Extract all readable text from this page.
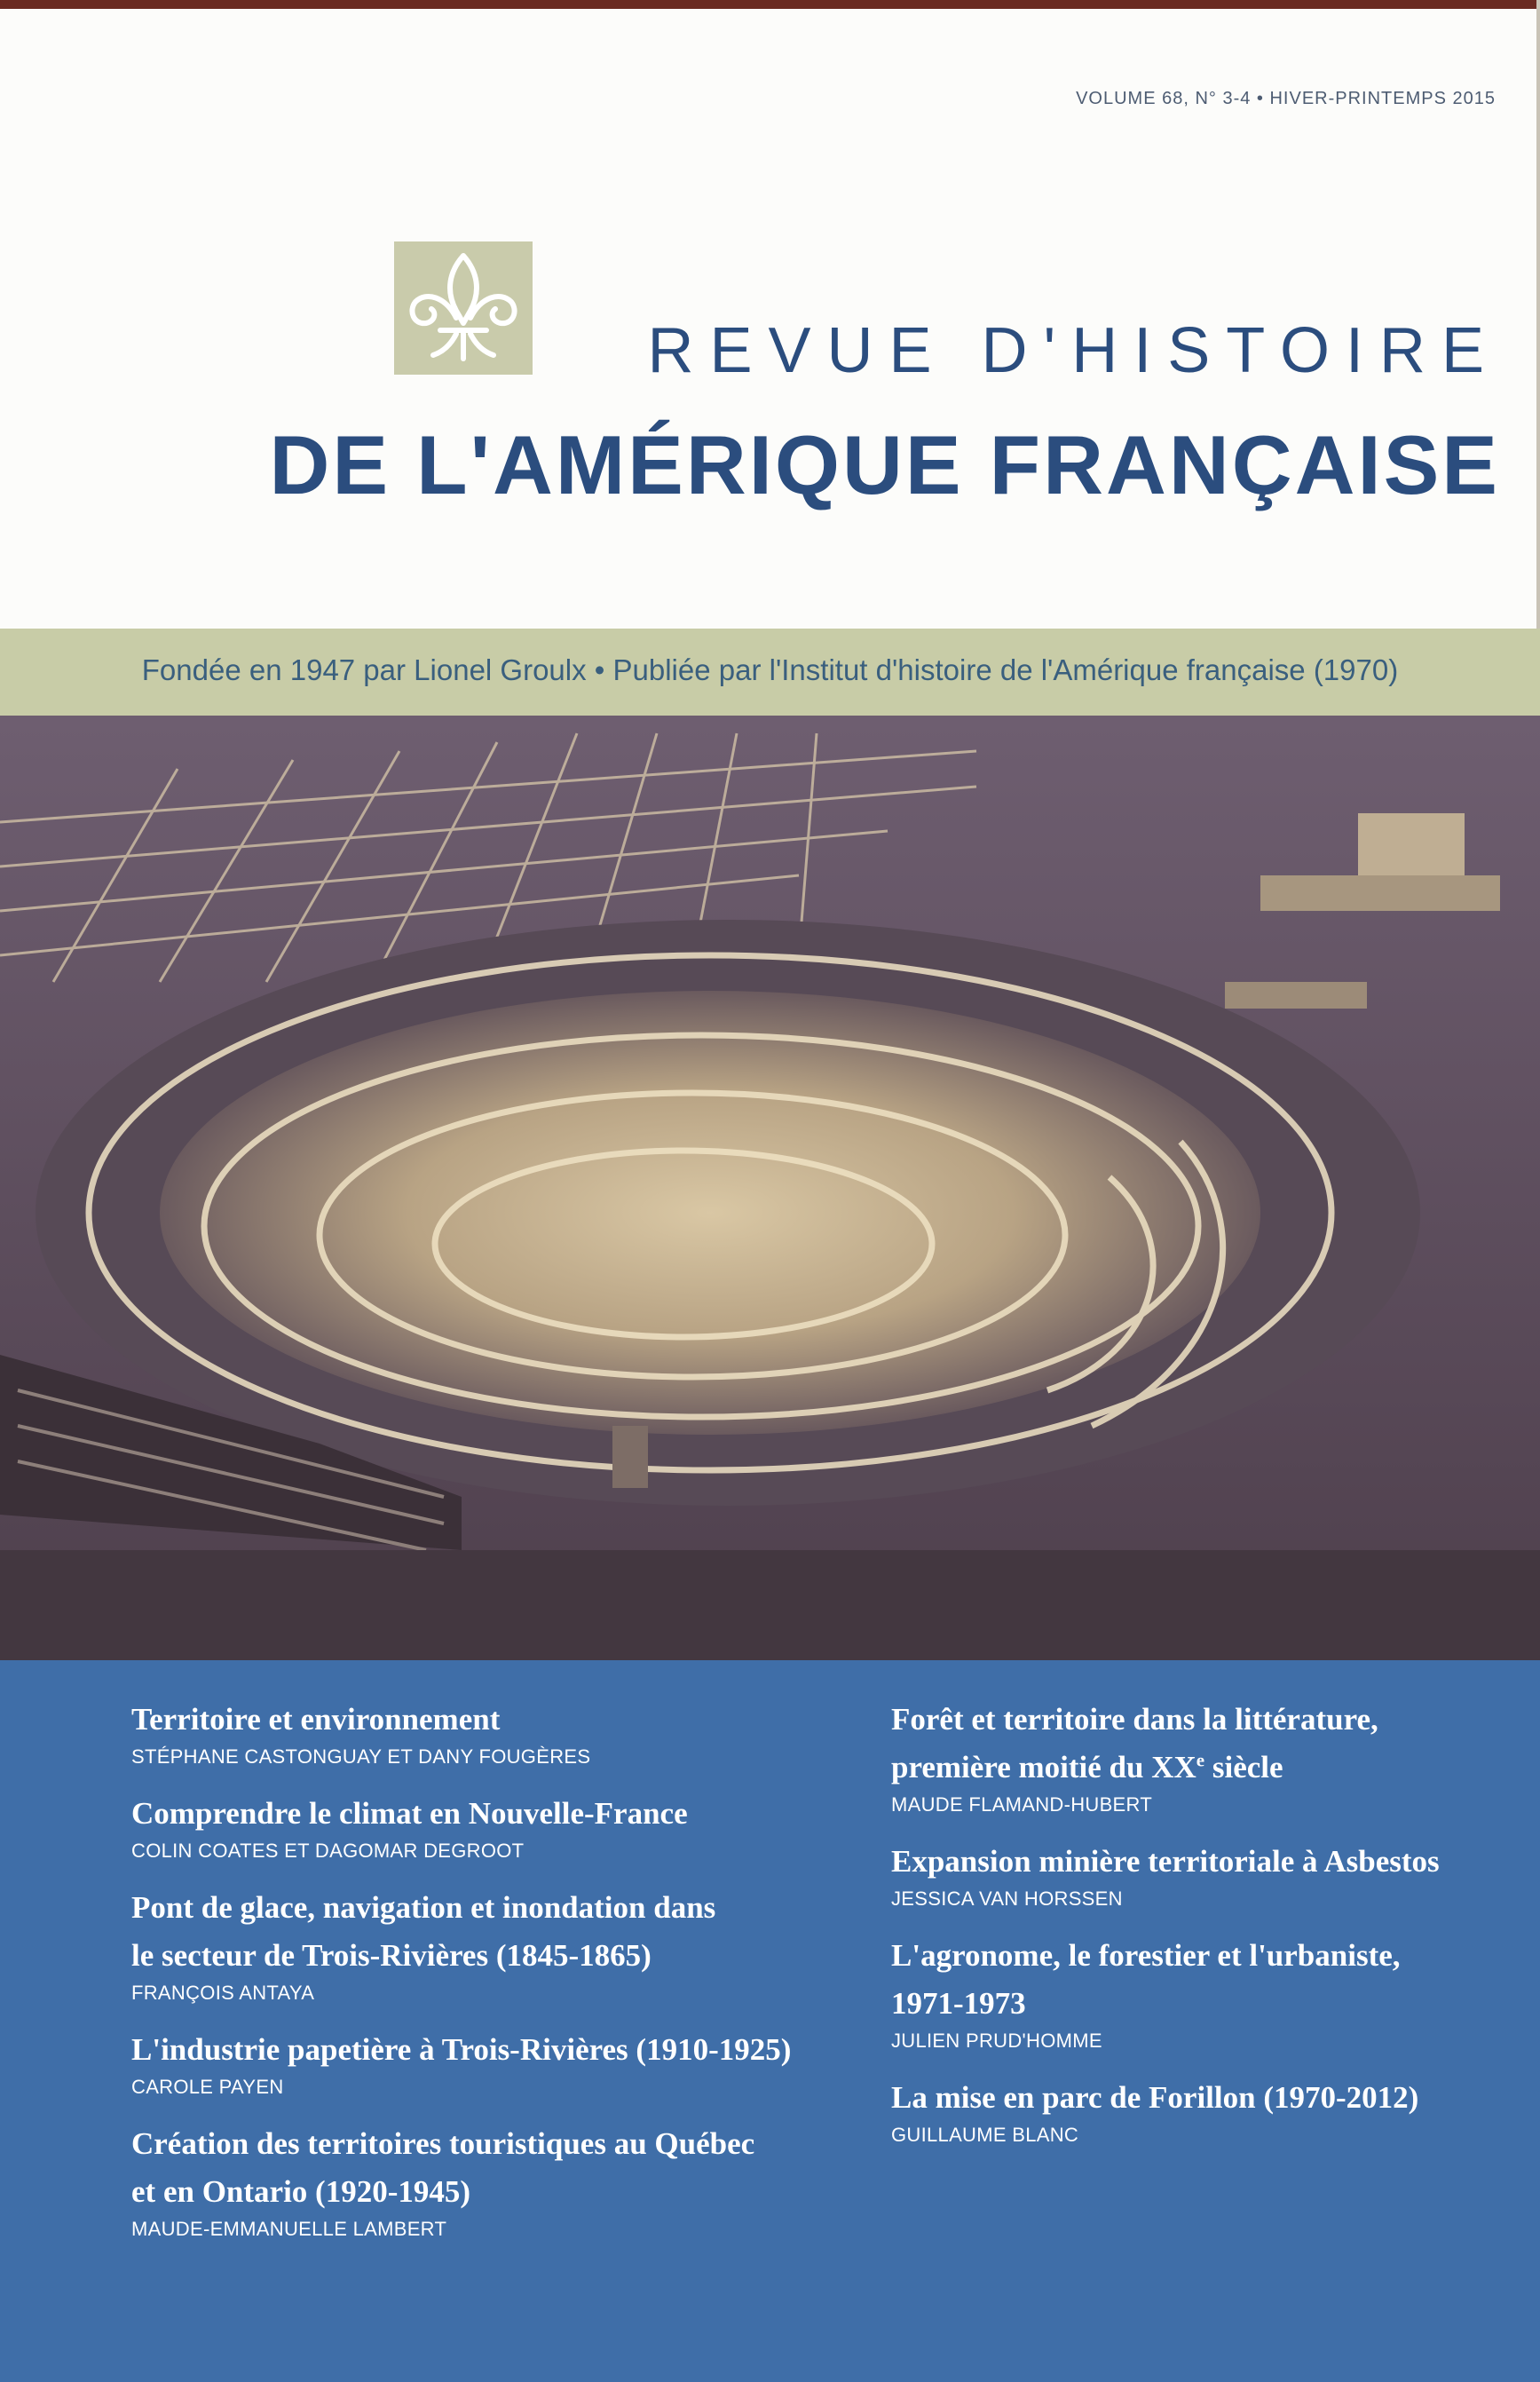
VOLUME 68, N° 3-4 • HIVER-PRINTEMPS 2015
REVUE D'HISTOIRE
DE L'AMÉRIQUE FRANÇAISE
Fondée en 1947 par Lionel Groulx • Publiée par l'Institut d'histoire de l'Amérique française (1970)
Territoire et environnement
STÉPHANE CASTONGUAY ET DANY FOUGÈRES
Comprendre le climat en Nouvelle-France
COLIN COATES ET DAGOMAR DEGROOT
Pont de glace, navigation et inondation dans
le secteur de Trois-Rivières (1845-1865)
FRANÇOIS ANTAYA
L'industrie papetière à Trois-Rivières (1910-1925)
CAROLE PAYEN
Création des territoires touristiques au Québec
et en Ontario (1920-1945)
MAUDE-EMMANUELLE LAMBERT
Forêt et territoire dans la littérature,
première moitié du XXe siècle
MAUDE FLAMAND-HUBERT
Expansion minière territoriale à Asbestos
JESSICA VAN HORSSEN
L'agronome, le forestier et l'urbaniste,
1971-1973
JULIEN PRUD'HOMME
La mise en parc de Forillon (1970-2012)
GUILLAUME BLANC
